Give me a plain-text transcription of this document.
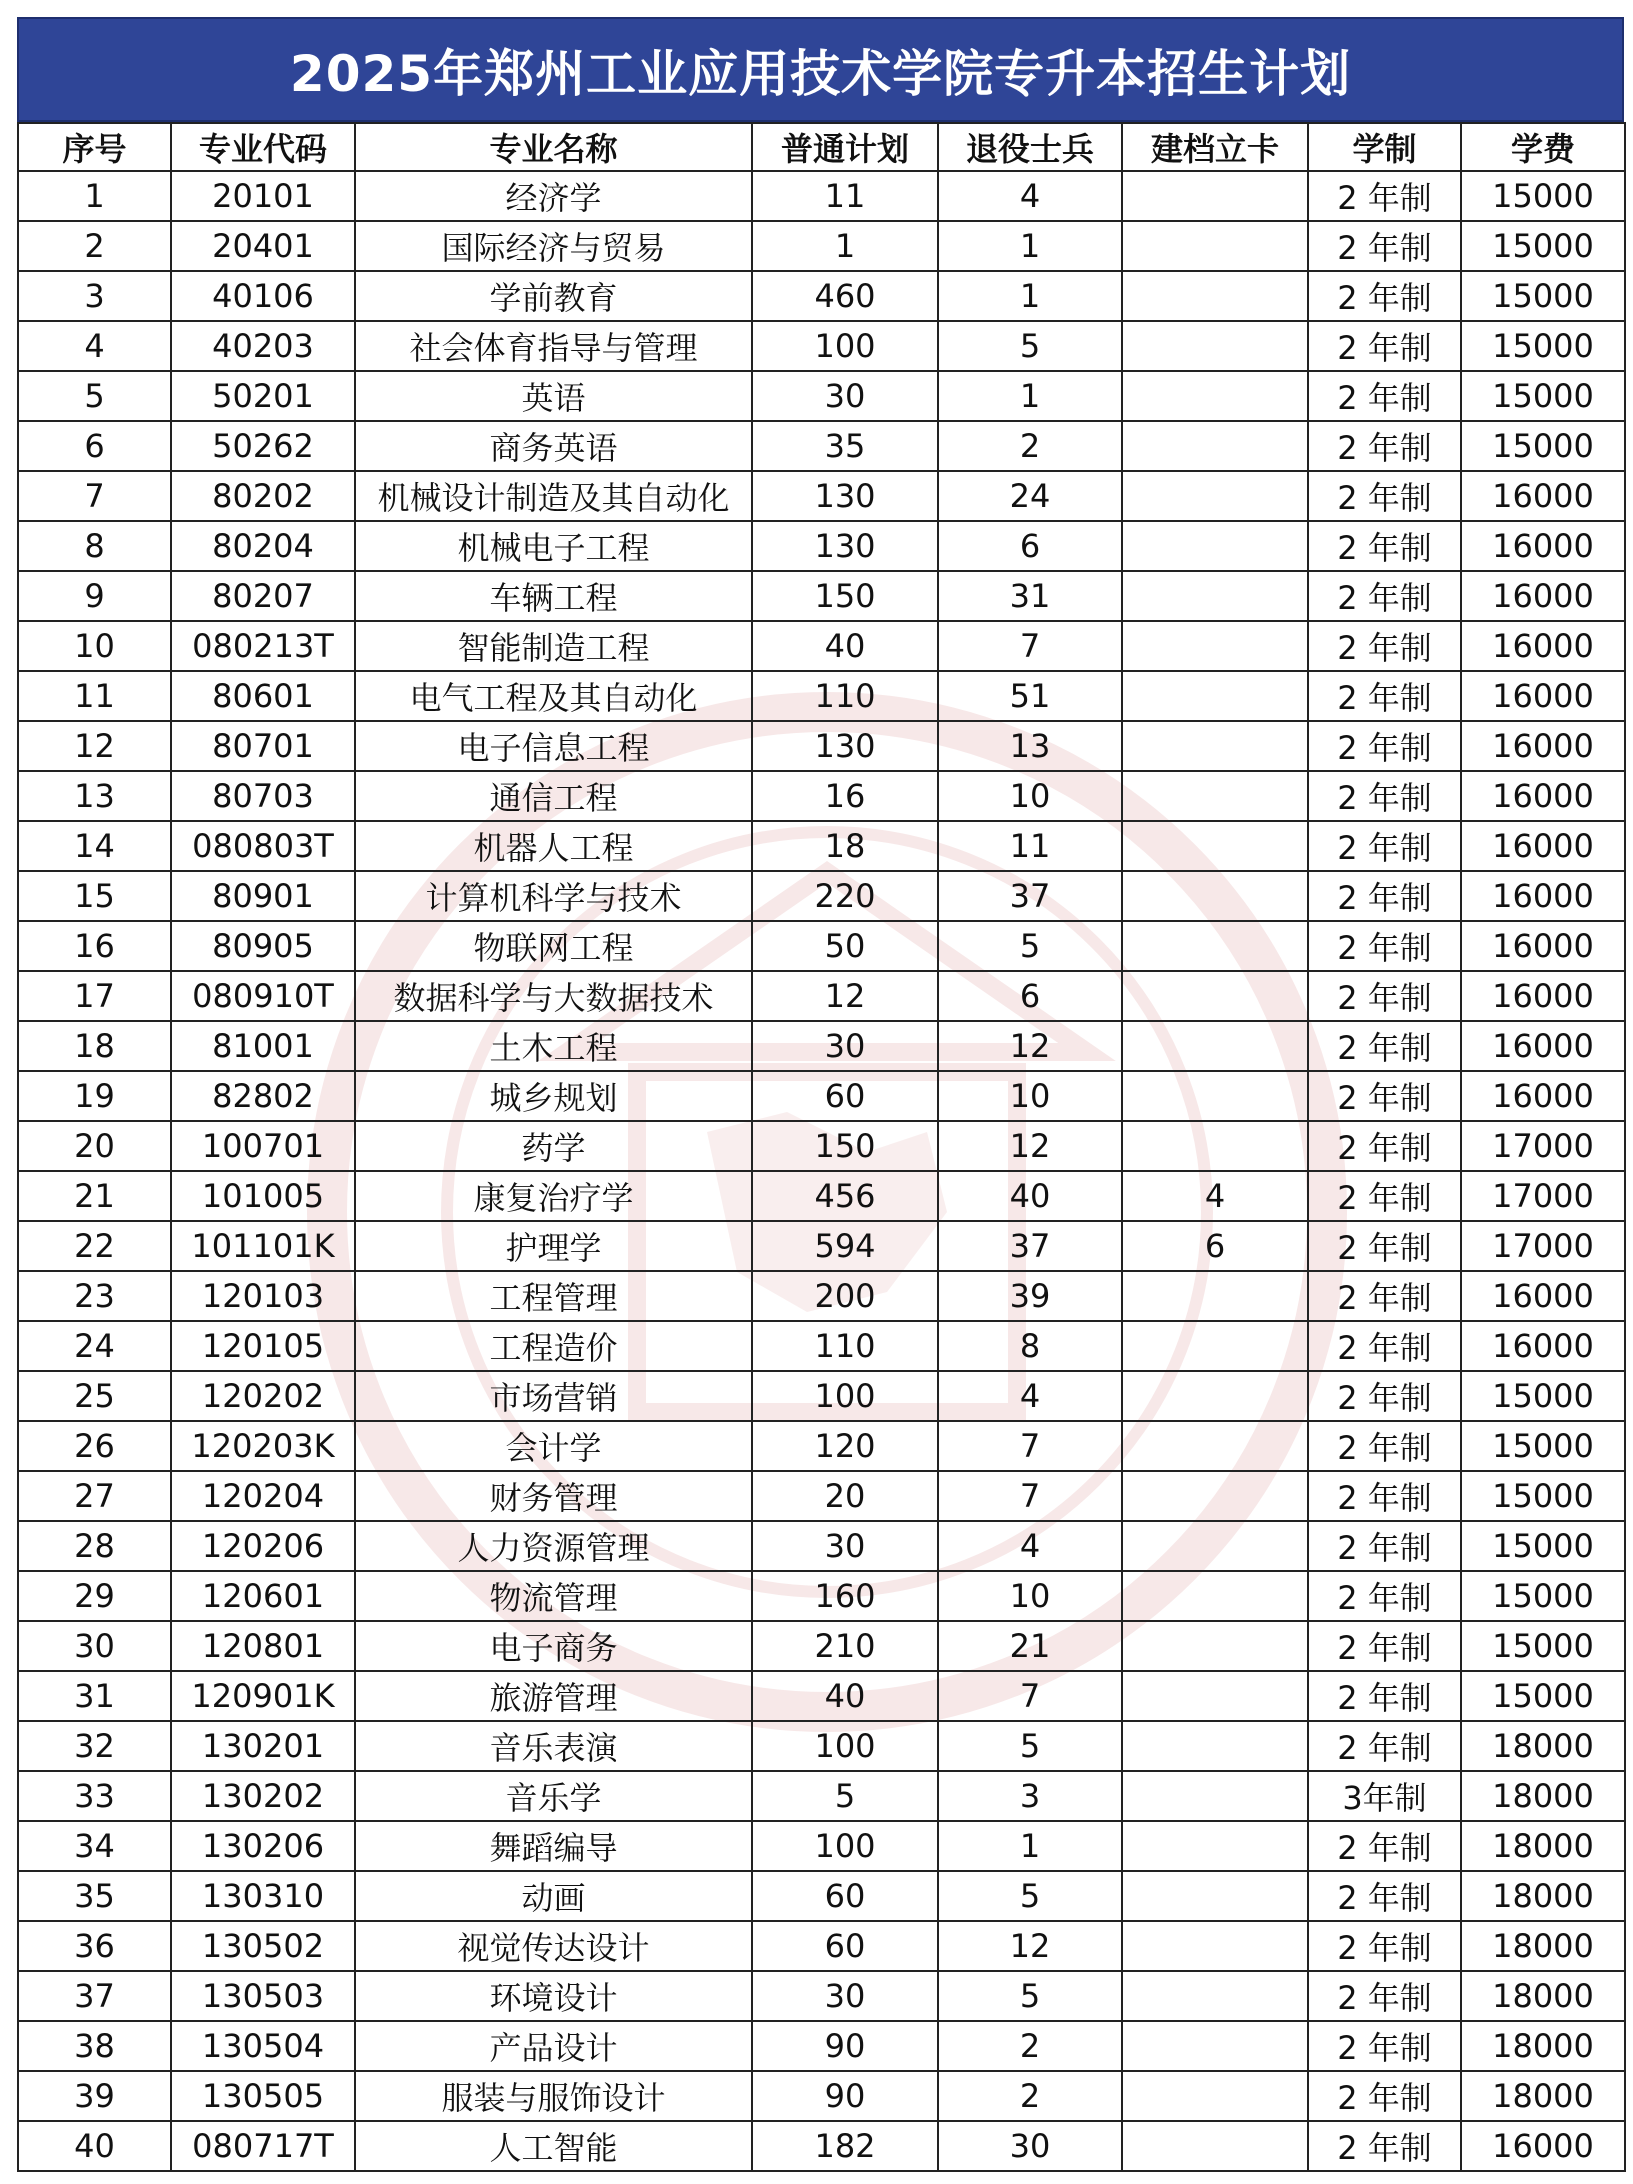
2025年郑州工业应用技术学院专升本招生计划
序号	专业代码	专业名称	普通计划	退役士兵	建档立卡	学制	学费
1	20101	经济学	11	4		2 年制	15000
2	20401	国际经济与贸易	1	1		2 年制	15000
3	40106	学前教育	460	1		2 年制	15000
4	40203	社会体育指导与管理	100	5		2 年制	15000
5	50201	英语	30	1		2 年制	15000
6	50262	商务英语	35	2		2 年制	15000
7	80202	机械设计制造及其自动化	130	24		2 年制	16000
8	80204	机械电子工程	130	6		2 年制	16000
9	80207	车辆工程	150	31		2 年制	16000
10	080213T	智能制造工程	40	7		2 年制	16000
11	80601	电气工程及其自动化	110	51		2 年制	16000
12	80701	电子信息工程	130	13		2 年制	16000
13	80703	通信工程	16	10		2 年制	16000
14	080803T	机器人工程	18	11		2 年制	16000
15	80901	计算机科学与技术	220	37		2 年制	16000
16	80905	物联网工程	50	5		2 年制	16000
17	080910T	数据科学与大数据技术	12	6		2 年制	16000
18	81001	土木工程	30	12		2 年制	16000
19	82802	城乡规划	60	10		2 年制	16000
20	100701	药学	150	12		2 年制	17000
21	101005	康复治疗学	456	40	4	2 年制	17000
22	101101K	护理学	594	37	6	2 年制	17000
23	120103	工程管理	200	39		2 年制	16000
24	120105	工程造价	110	8		2 年制	16000
25	120202	市场营销	100	4		2 年制	15000
26	120203K	会计学	120	7		2 年制	15000
27	120204	财务管理	20	7		2 年制	15000
28	120206	人力资源管理	30	4		2 年制	15000
29	120601	物流管理	160	10		2 年制	15000
30	120801	电子商务	210	21		2 年制	15000
31	120901K	旅游管理	40	7		2 年制	15000
32	130201	音乐表演	100	5		2 年制	18000
33	130202	音乐学	5	3		3年制	18000
34	130206	舞蹈编导	100	1		2 年制	18000
35	130310	动画	60	5		2 年制	18000
36	130502	视觉传达设计	60	12		2 年制	18000
37	130503	环境设计	30	5		2 年制	18000
38	130504	产品设计	90	2		2 年制	18000
39	130505	服装与服饰设计	90	2		2 年制	18000
40	080717T	人工智能	182	30		2 年制	16000
